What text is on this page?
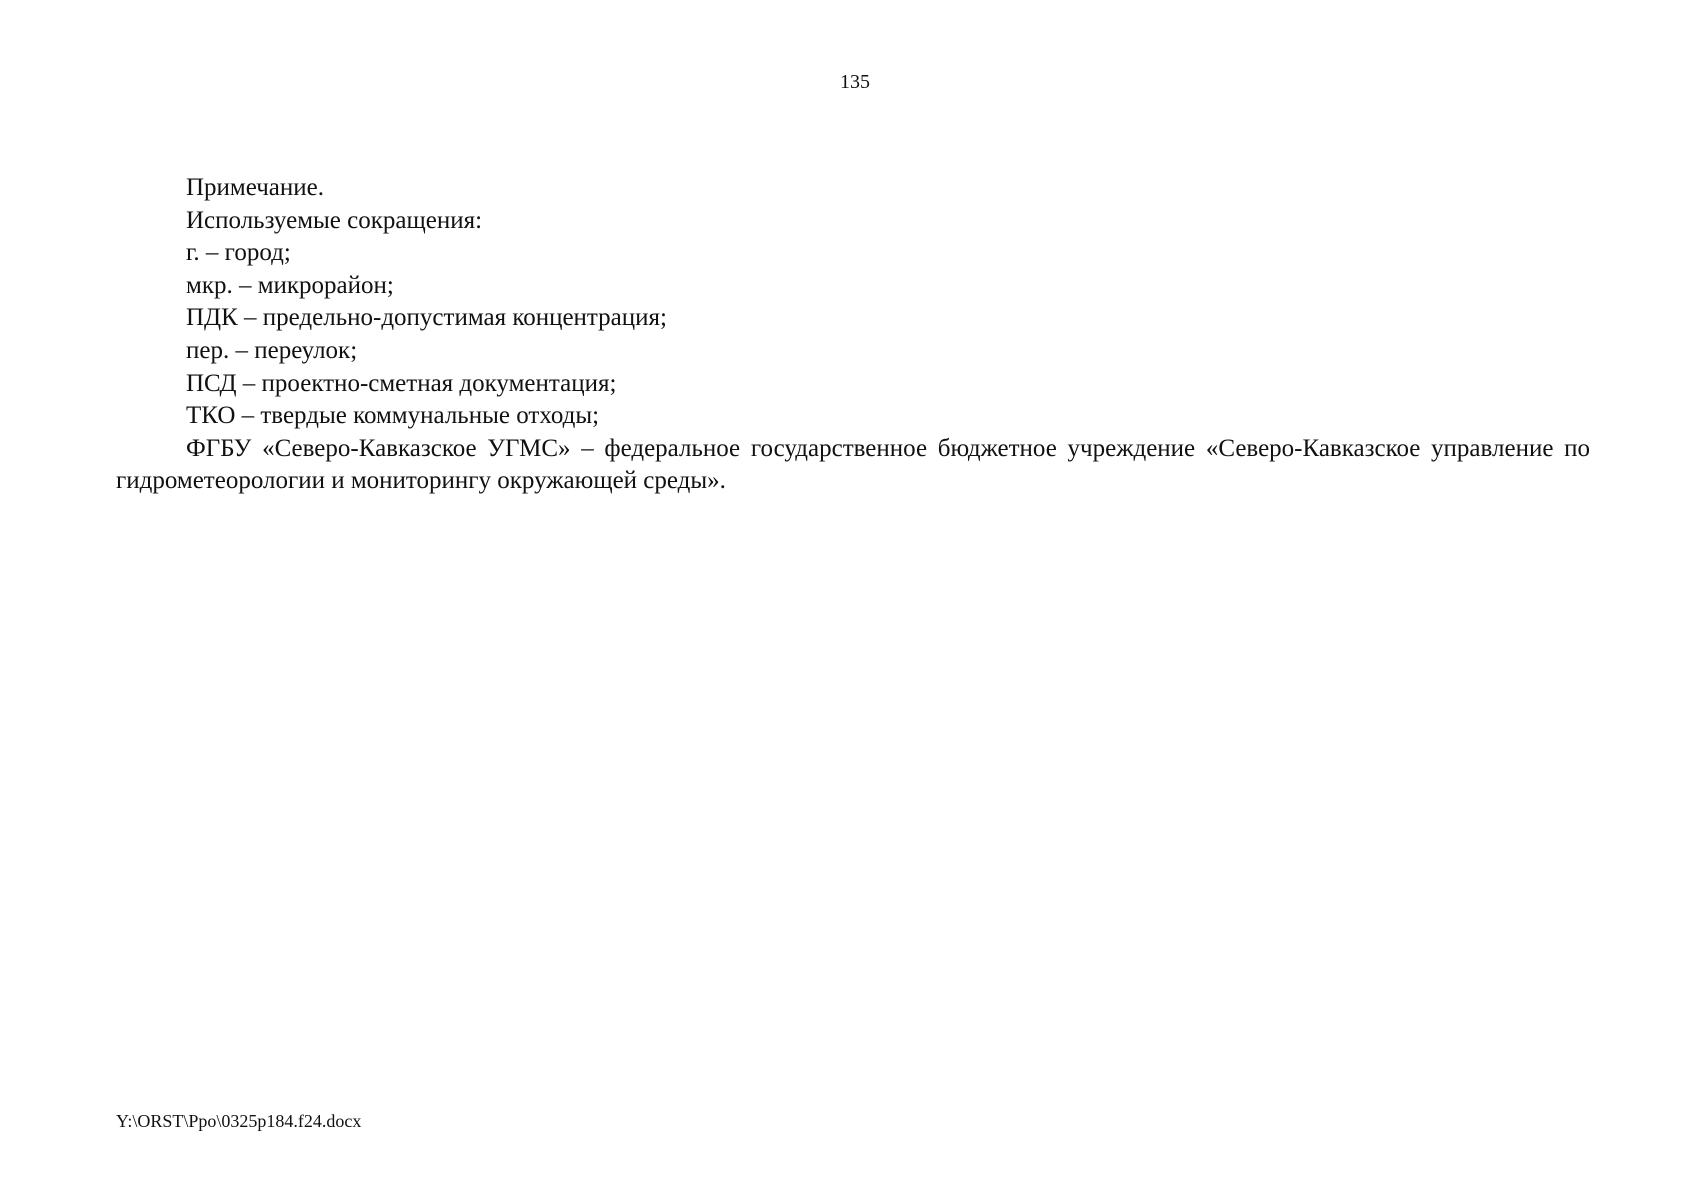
135
Примечание.
Используемые сокращения:
г. – город;
мкр. – микрорайон;
ПДК – предельно-допустимая концентрация;
пер. – переулок;
ПСД – проектно-сметная документация;
ТКО – твердые коммунальные отходы;

ФГБУ «Северо-Кавказское УГМС» – федеральное государственное бюджетное учреждение «Северо-Кавказское управление по гидрометеорологии и мониторингу окружающей среды».

Y:\ORST\Ppo\0325p184.f24.docx
